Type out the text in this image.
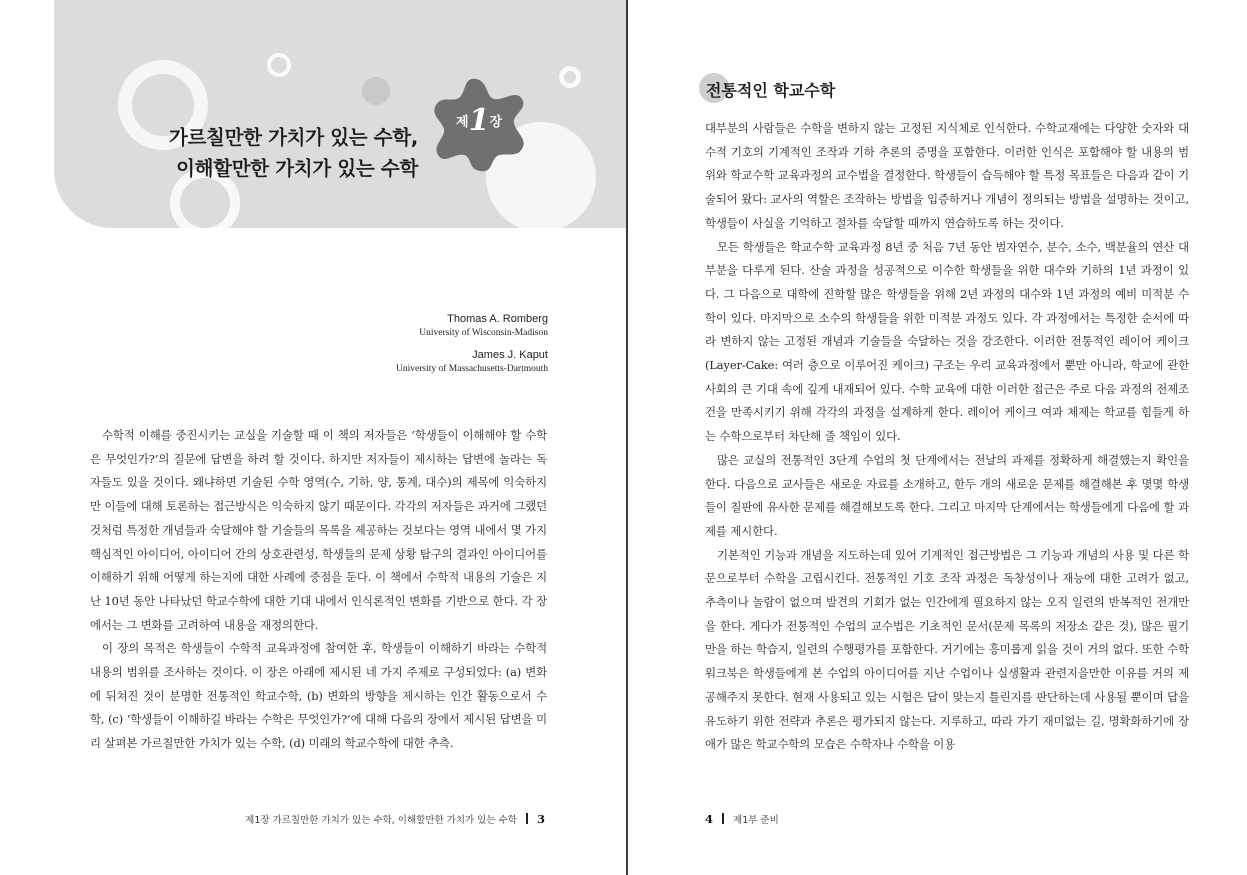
가르칠만한 가치가 있는 수학,
이해할만한 가치가 있는 수학
제1장
Thomas A. Romberg
University of Wisconsin-Madison
James J. Kaput
University of Massachusetts-Dartmouth

수학적 이해를 중진시키는 교실을 기술할 때 이 책의 저자들은 ‘학생들이 이해해야 할 수학은 무엇인가?’의 질문에 답변을 하려 할 것이다. 하지만 저자들이 제시하는 답변에 놀라는 독자들도 있을 것이다. 왜냐하면 기술된 수학 영역(수, 기하, 양, 통계, 대수)의 제목에 익숙하지만 이들에 대해 토론하는 접근방식은 익숙하지 않기 때문이다. 각각의 저자들은 과거에 그랬던 것처럼 특정한 개념들과 숙달해야 할 기술들의 목록을 제공하는 것보다는 영역 내에서 몇 가지 핵심적인 아이디어, 아이디어 간의 상호관련성, 학생들의 문제 상황 탐구의 결과인 아이디어를 이해하기 위해 어떻게 하는지에 대한 사례에 중점을 둔다. 이 책에서 수학적 내용의 기술은 지난 10년 동안 나타났던 학교수학에 대한 기대 내에서 인식론적인 변화를 기반으로 한다. 각 장에서는 그 변화를 고려하여 내용을 재정의한다.

이 장의 목적은 학생들이 수학적 교육과정에 참여한 후, 학생들이 이해하기 바라는 수학적 내용의 범위를 조사하는 것이다. 이 장은 아래에 제시된 네 가지 주제로 구성되었다: (a) 변화에 뒤쳐진 것이 분명한 전통적인 학교수학, (b) 변화의 방향을 제시하는 인간 활동으로서 수학, (c) ‘학생들이 이해하길 바라는 수학은 무엇인가?’에 대해 다음의 장에서 제시된 답변을 미리 살펴본 가르칠만한 가치가 있는 수학, (d) 미래의 학교수학에 대한 추측.

제1장 가르칠만한 가치가 있는 수학, 이해할만한 가치가 있는 수학 3
전통적인 학교수학

대부분의 사람들은 수학을 변하지 않는 고정된 지식체로 인식한다. 수학교재에는 다양한 숫자와 대수적 기호의 기계적인 조작과 기하 추론의 증명을 포함한다. 이러한 인식은 포함해야 할 내용의 범위와 학교수학 교육과정의 교수법을 결정한다. 학생들이 습득해야 할 특정 목표들은 다음과 같이 기술되어 왔다: 교사의 역할은 조작하는 방법을 입증하거나 개념이 정의되는 방법을 설명하는 것이고, 학생들이 사실을 기억하고 절차를 숙달할 때까지 연습하도록 하는 것이다.

모든 학생들은 학교수학 교육과정 8년 중 처음 7년 동안 범자연수, 분수, 소수, 백분율의 연산 대부분을 다루게 된다. 산술 과정을 성공적으로 이수한 학생들을 위한 대수와 기하의 1년 과정이 있다. 그 다음으로 대학에 진학할 많은 학생들을 위해 2년 과정의 대수와 1년 과정의 예비 미적분 수학이 있다. 마지막으로 소수의 학생들을 위한 미적분 과정도 있다. 각 과정에서는 특정한 순서에 따라 변하지 않는 고정된 개념과 기술들을 숙달하는 것을 강조한다. 이러한 전통적인 레이어 케이크(Layer-Cake: 여러 층으로 이루어진 케이크) 구조는 우리 교육과정에서 뿐만 아니라, 학교에 관한 사회의 큰 기대 속에 깊게 내재되어 있다. 수학 교육에 대한 이러한 접근은 주로 다음 과정의 전제조건을 만족시키기 위해 각각의 과정을 설계하게 한다. 레이어 케이크 여과 체제는 학교를 힘들게 하는 수학으로부터 차단해 줄 책임이 있다.

많은 교실의 전통적인 3단계 수업의 첫 단계에서는 전날의 과제를 정확하게 해결했는지 확인을 한다. 다음으로 교사들은 새로운 자료를 소개하고, 한두 개의 새로운 문제를 해결해본 후 몇몇 학생들이 칠판에 유사한 문제를 해결해보도록 한다. 그리고 마지막 단계에서는 학생들에게 다음에 할 과제를 제시한다.

기본적인 기능과 개념을 지도하는데 있어 기계적인 접근방법은 그 기능과 개념의 사용 및 다른 학문으로부터 수학을 고립시킨다. 전통적인 기호 조작 과정은 독창성이나 재능에 대한 고려가 없고, 추측이나 놀람이 없으며 발견의 기회가 없는 인간에게 필요하지 않는 오직 일련의 반복적인 전개만을 한다. 게다가 전통적인 수업의 교수법은 기초적인 문서(문제 목록의 저장소 같은 것), 많은 필기만을 하는 학습지, 일련의 수행평가를 포함한다. 거기에는 흥미롭게 읽을 것이 거의 없다. 또한 수학 워크북은 학생들에게 본 수업의 아이디어를 지난 수업이나 실생활과 관련지을만한 이유를 거의 제공해주지 못한다. 현재 사용되고 있는 시험은 답이 맞는지 틀린지를 판단하는데 사용될 뿐이며 답을 유도하기 위한 전략과 추론은 평가되지 않는다. 지루하고, 따라 가기 재미없는 길, 명확화하기에 장애가 많은 학교수학의 모습은 수학자나 수학을 이용

4 제1부 준비
